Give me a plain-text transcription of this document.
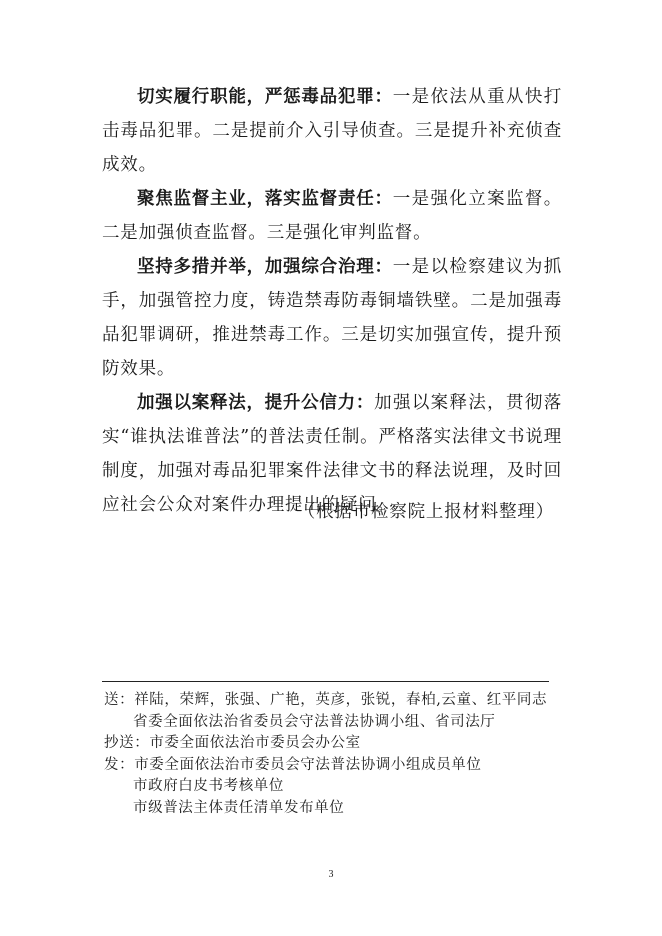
切实履行职能，严惩毒品犯罪：一是依法从重从快打击毒品犯罪。二是提前介入引导侦查。三是提升补充侦查成效。

聚焦监督主业，落实监督责任：一是强化立案监督。二是加强侦查监督。三是强化审判监督。

坚持多措并举，加强综合治理：一是以检察建议为抓手，加强管控力度，铸造禁毒防毒铜墙铁壁。二是加强毒品犯罪调研，推进禁毒工作。三是切实加强宣传，提升预防效果。

加强以案释法，提升公信力：加强以案释法，贯彻落实“谁执法谁普法”的普法责任制。严格落实法律文书说理制度，加强对毒品犯罪案件法律文书的释法说理，及时回应社会公众对案件办理提出的疑问。

（根据市检察院上报材料整理）
送：祥陆，荣辉，张强、广艳，英彦，张锐，春柏,云童、红平同志
省委全面依法治省委员会守法普法协调小组、省司法厅
抄送：市委全面依法治市委员会办公室
发：市委全面依法治市委员会守法普法协调小组成员单位
市政府白皮书考核单位
市级普法主体责任清单发布单位
3
